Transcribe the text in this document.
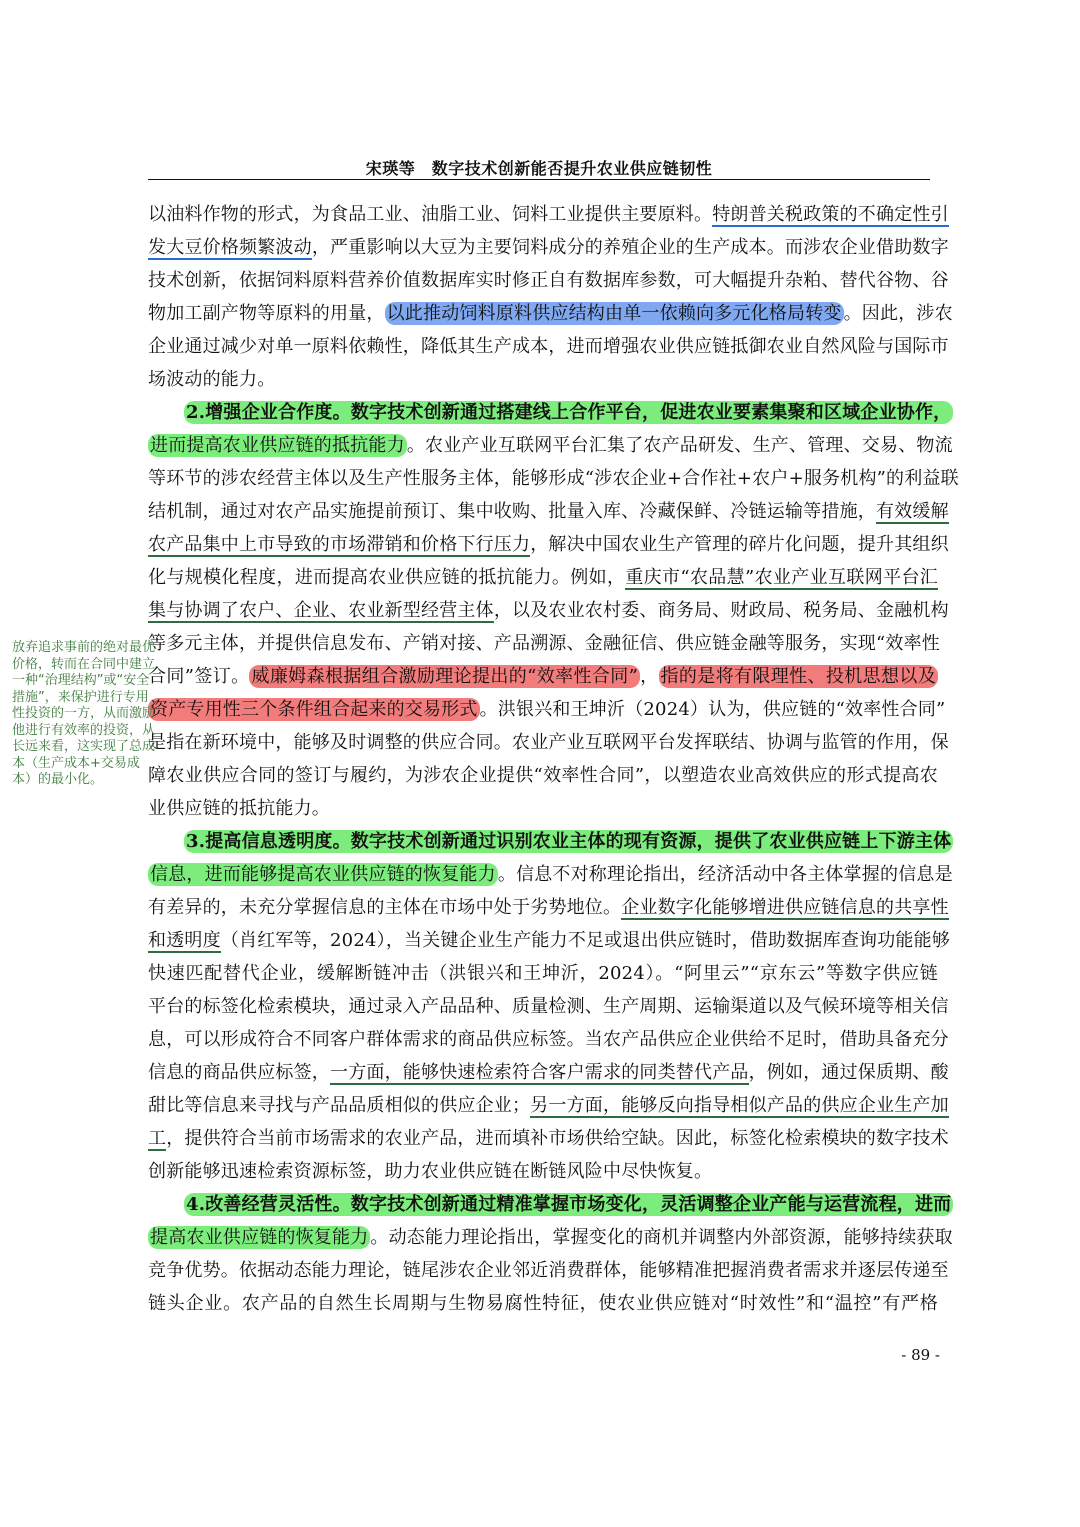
宋瑛等　数字技术创新能否提升农业供应链韧性
以油料作物的形式，为食品工业、油脂工业、饲料工业提供主要原料。特朗普关税政策的不确定性引
发大豆价格频繁波动，严重影响以大豆为主要饲料成分的养殖企业的生产成本。而涉农企业借助数字
技术创新，依据饲料原料营养价值数据库实时修正自有数据库参数，可大幅提升杂粕、替代谷物、谷
物加工副产物等原料的用量， 以此推动饲料原料供应结构由单一依赖向多元化格局转变 。因此，涉农
企业通过减少对单一原料依赖性，降低其生产成本，进而增强农业供应链抵御农业自然风险与国际市
场波动的能力。
2.增强企业合作度。数字技术创新通过搭建线上合作平台，促进农业要素集聚和区域企业协作，
进而提高农业供应链的抵抗能力 。农业产业互联网平台汇集了农产品研发、生产、管理、交易、物流
等环节的涉农经营主体以及生产性服务主体，能够形成“涉农企业+合作社+农户+服务机构”的利益联
结机制，通过对农产品实施提前预订、集中收购、批量入库、冷藏保鲜、冷链运输等措施，有效缓解
农产品集中上市导致的市场滞销和价格下行压力，解决中国农业生产管理的碎片化问题，提升其组织
化与规模化程度，进而提高农业供应链的抵抗能力。例如，重庆市“农品慧”农业产业互联网平台汇
集与协调了农户、企业、农业新型经营主体，以及农业农村委、商务局、财政局、税务局、金融机构
等多元主体，并提供信息发布、产销对接、产品溯源、金融征信、供应链金融等服务，实现“效率性
合同”签订。 威廉姆森根据组合激励理论提出的“效率性合同” ， 指的是将有限理性、投机思想以及
资产专用性三个条件组合起来的交易形式 。洪银兴和王坤沂（2024）认为，供应链的“效率性合同”
是指在新环境中，能够及时调整的供应合同。农业产业互联网平台发挥联结、协调与监管的作用，保
障农业供应合同的签订与履约，为涉农企业提供“效率性合同”，以塑造农业高效供应的形式提高农
业供应链的抵抗能力。
3.提高信息透明度。数字技术创新通过识别农业主体的现有资源，提供了农业供应链上下游主体
信息，进而能够提高农业供应链的恢复能力 。信息不对称理论指出，经济活动中各主体掌握的信息是
有差异的，未充分掌握信息的主体在市场中处于劣势地位。企业数字化能够增进供应链信息的共享性
和透明度（肖红军等，2024），当关键企业生产能力不足或退出供应链时，借助数据库查询功能能够
快速匹配替代企业，缓解断链冲击（洪银兴和王坤沂，2024）。“阿里云”“京东云”等数字供应链
平台的标签化检索模块，通过录入产品品种、质量检测、生产周期、运输渠道以及气候环境等相关信
息，可以形成符合不同客户群体需求的商品供应标签。当农产品供应企业供给不足时，借助具备充分
信息的商品供应标签，一方面，能够快速检索符合客户需求的同类替代产品，例如，通过保质期、酸
甜比等信息来寻找与产品品质相似的供应企业；另一方面，能够反向指导相似产品的供应企业生产加
工，提供符合当前市场需求的农业产品，进而填补市场供给空缺。因此，标签化检索模块的数字技术
创新能够迅速检索资源标签，助力农业供应链在断链风险中尽快恢复。
4.改善经营灵活性。数字技术创新通过精准掌握市场变化，灵活调整企业产能与运营流程，进而
提高农业供应链的恢复能力 。动态能力理论指出，掌握变化的商机并调整内外部资源，能够持续获取
竞争优势。依据动态能力理论，链尾涉农企业邻近消费群体，能够精准把握消费者需求并逐层传递至
链头企业。农产品的自然生长周期与生物易腐性特征，使农业供应链对“时效性”和“温控”有严格
放弃追求事前的绝对最优价格，转而在合同中建立一种“治理结构”或“安全措施”，来保护进行专用性投资的一方，从而激励他进行有效率的投资，从长远来看，这实现了总成本（生产成本+交易成本）的最小化。
- 89 -
